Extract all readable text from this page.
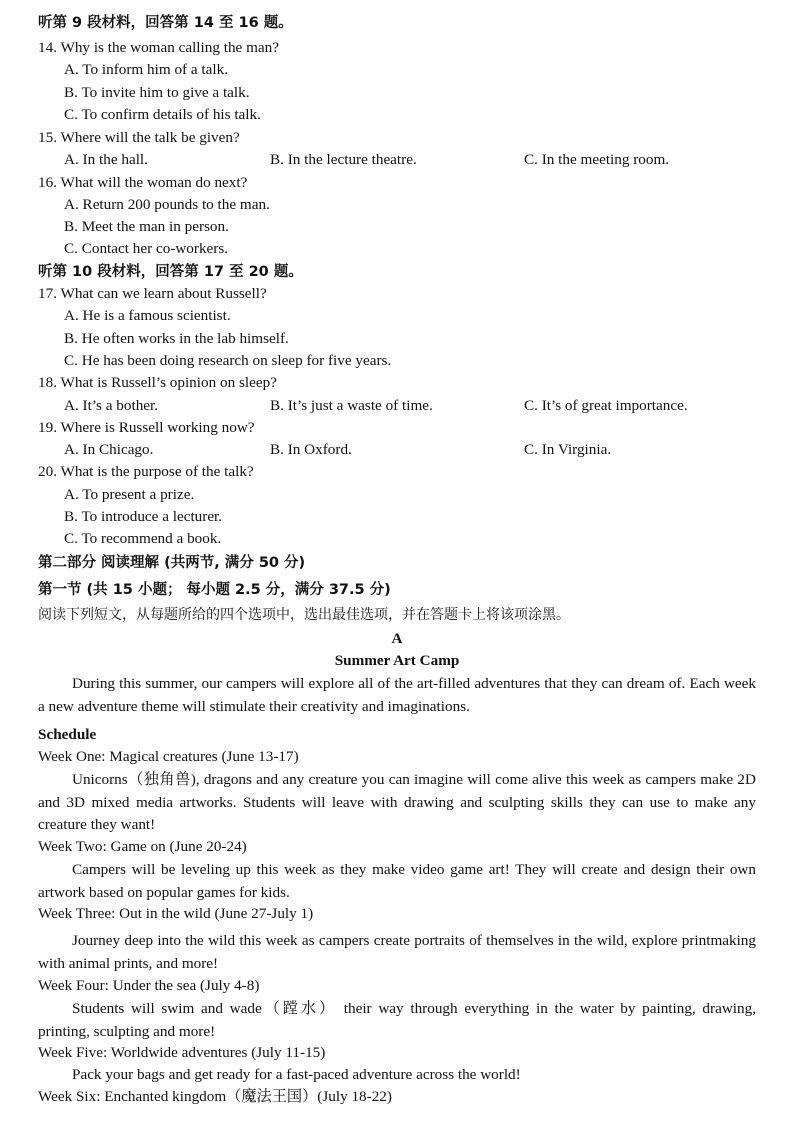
听第 9 段材料，回答第 14 至 16 题。
14. Why is the woman calling the man?
A. To inform him of a talk.
B. To invite him to give a talk.
C. To confirm details of his talk.
15. Where will the talk be given?
A. In the hall.	B. In the lecture theatre.	C. In the meeting room.
16. What will the woman do next?
A. Return 200 pounds to the man.
B. Meet the man in person.
C. Contact her co-workers.
听第 10 段材料，回答第 17 至 20 题。
17. What can we learn about Russell?
A. He is a famous scientist.
B. He often works in the lab himself.
C. He has been doing research on sleep for five years.
18. What is Russell’s opinion on sleep?
A. It’s a bother.	B. It’s just a waste of time.	C. It’s of great importance.
19. Where is Russell working now?
A. In Chicago.	B. In Oxford.	C. In Virginia.
20. What is the purpose of the talk?
A. To present a prize.
B. To introduce a lecturer.
C. To recommend a book.
第二部分 阅读理解 (共两节, 满分 50 分)
第一节 (共 15 小题； 每小题 2.5 分，满分 37.5 分)
阅读下列短文，从每题所给的四个选项中，选出最佳选项，并在答题卡上将该项涂黑。
A
Summer Art Camp
During this summer, our campers will explore all of the art-filled adventures that they can dream of. Each week a new adventure theme will stimulate their creativity and imaginations.
Schedule
Week One: Magical creatures (June 13-17)
Unicorns（独角兽), dragons and any creature you can imagine will come alive this week as campers make 2D and 3D mixed media artworks. Students will leave with drawing and sculpting skills they can use to make any creature they want!
Week Two: Game on (June 20-24)
Campers will be leveling up this week as they make video game art! They will create and design their own artwork based on popular games for kids.
Week Three: Out in the wild (June 27-July 1)
Journey deep into the wild this week as campers create portraits of themselves in the wild, explore printmaking with animal prints, and more!
Week Four: Under the sea (July 4-8)
Students will swim and wade（蹚水） their way through everything in the water by painting, drawing, printing, sculpting and more!
Week Five: Worldwide adventures (July 11-15)
Pack your bags and get ready for a fast-paced adventure across the world!
Week Six: Enchanted kingdom（魔法王国）(July 18-22)
